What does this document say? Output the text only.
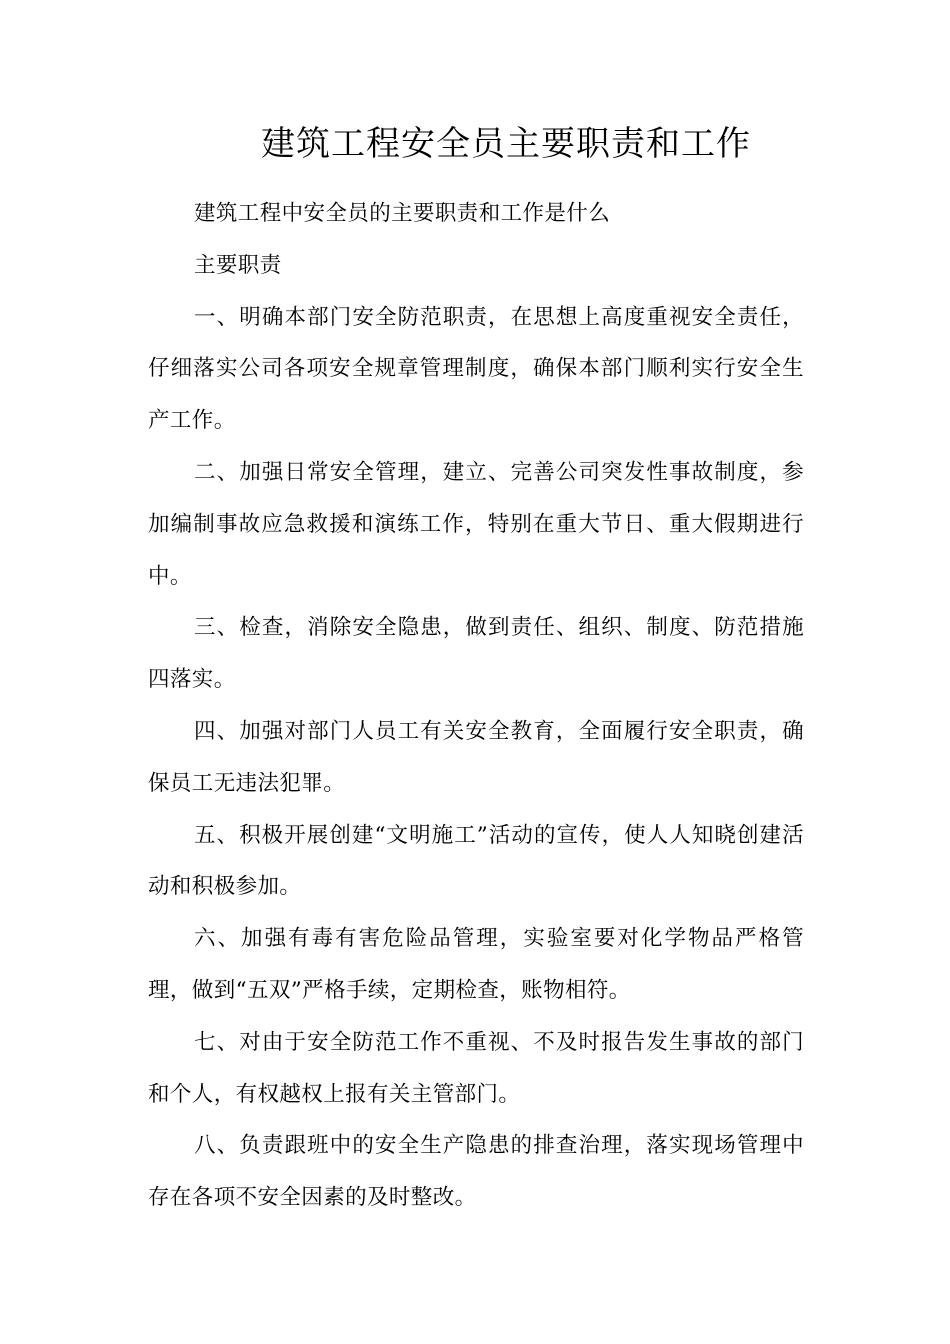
建筑工程安全员主要职责和工作

建筑工程中安全员的主要职责和工作是什么

主要职责

一、明确本部门安全防范职责，在思想上高度重视安全责任，仔细落实公司各项安全规章管理制度，确保本部门顺利实行安全生产工作。

二、加强日常安全管理，建立、完善公司突发性事故制度，参加编制事故应急救援和演练工作，特别在重大节日、重大假期进行中。

三、检查，消除安全隐患，做到责任、组织、制度、防范措施四落实。

四、加强对部门人员工有关安全教育，全面履行安全职责，确保员工无违法犯罪。

五、积极开展创建“文明施工”活动的宣传，使人人知晓创建活动和积极参加。

六、加强有毒有害危险品管理，实验室要对化学物品严格管理，做到“五双”严格手续，定期检查，账物相符。

七、对由于安全防范工作不重视、不及时报告发生事故的部门和个人，有权越权上报有关主管部门。

八、负责跟班中的安全生产隐患的排查治理，落实现场管理中存在各项不安全因素的及时整改。
